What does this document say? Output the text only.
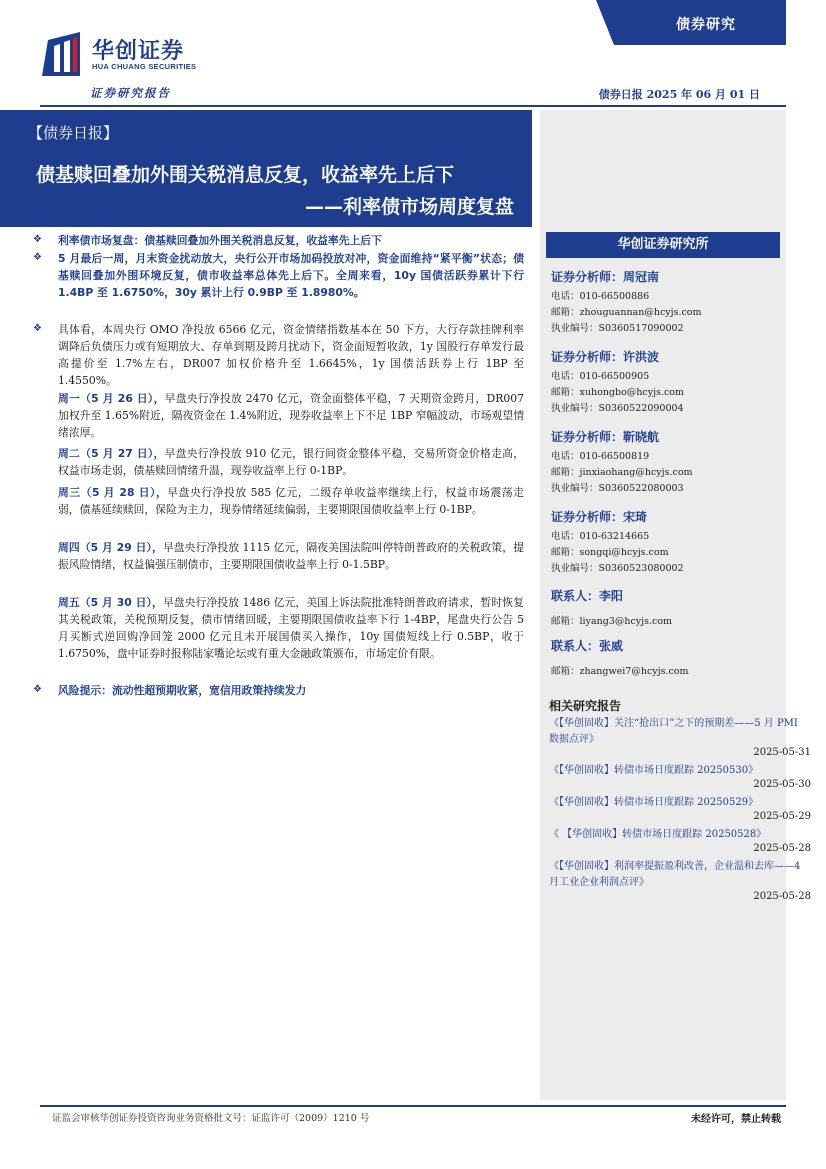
华创证券
HUA CHUANG SECURITIES
证券研究报告
债券研究
债券日报 2025 年 06 月 01 日
【债券日报】
债基赎回叠加外围关税消息反复，收益率先上后下
——利率债市场周度复盘
❖ 利率债市场复盘：债基赎回叠加外围关税消息反复，收益率先上后下
❖ 5 月最后一周，月末资金扰动放大，央行公开市场加码投放对冲，资金面维持“紧平衡”状态；债基赎回叠加外围环境反复，债市收益率总体先上后下。全周来看，10y 国债活跃券累计下行 1.4BP 至 1.6750%，30y 累计上行 0.9BP 至 1.8980%。
❖ 具体看，本周央行 OMO 净投放 6566 亿元，资金情绪指数基本在 50 下方，大行存款挂牌利率调降后负债压力或有短期放大、存单到期及跨月扰动下，资金面短暂收敛，1y 国股行存单发行最高提价至 1.7%左右，DR007 加权价格升至 1.6645%，1y 国债活跃券上行 1BP 至 1.4550%。
周一（5 月 26 日），早盘央行净投放 2470 亿元，资金面整体平稳，7 天期资金跨月，DR007 加权升至 1.65%附近，隔夜资金在 1.4%附近，现券收益率上下不足 1BP 窄幅波动，市场观望情绪浓厚。
周二（5 月 27 日），早盘央行净投放 910 亿元，银行间资金整体平稳，交易所资金价格走高，权益市场走弱，债基赎回情绪升温，现券收益率上行 0-1BP。
周三（5 月 28 日），早盘央行净投放 585 亿元，二级存单收益率继续上行，权益市场震荡走弱，债基延续赎回，保险为主力，现券情绪延续偏弱，主要期限国债收益率上行 0-1BP。
周四（5 月 29 日），早盘央行净投放 1115 亿元，隔夜美国法院叫停特朗普政府的关税政策，提振风险情绪，权益偏强压制债市，主要期限国债收益率上行 0-1.5BP。
周五（5 月 30 日），早盘央行净投放 1486 亿元，美国上诉法院批准特朗普政府请求，暂时恢复其关税政策，关税预期反复，债市情绪回暖，主要期限国债收益率下行 1-4BP，尾盘央行公告 5 月买断式逆回购净回笼 2000 亿元且未开展国债买入操作，10y 国债短线上行 0.5BP，收于 1.6750%，盘中证券时报称陆家嘴论坛或有重大金融政策颁布，市场定价有限。
❖ 风险提示：流动性超预期收紧，宽信用政策持续发力
华创证券研究所
证券分析师：周冠南
电话：010-66500886
邮箱：zhouguannan@hcyjs.com
执业编号：S0360517090002
证券分析师：许洪波
电话：010-66500905
邮箱：xuhongbo@hcyjs.com
执业编号：S0360522090004
证券分析师：靳晓航
电话：010-66500819
邮箱：jinxiaohang@hcyjs.com
执业编号：S0360522080003
证券分析师：宋琦
电话：010-63214665
邮箱：songqi@hcyjs.com
执业编号：S0360523080002
联系人：李阳
邮箱：liyang3@hcyjs.com
联系人：张威
邮箱：zhangwei7@hcyjs.com
相关研究报告
《【华创固收】关注“抢出口”之下的预期差——5 月 PMI 数据点评》
2025-05-31
《【华创固收】转债市场日度跟踪 20250530》
2025-05-30
《【华创固收】转债市场日度跟踪 20250529》
2025-05-29
《 【华创固收】转债市场日度跟踪 20250528》
2025-05-28
《【华创固收】利润率提振盈利改善，企业温和去库——4 月工业企业利润点评》
2025-05-28
证监会审核华创证券投资咨询业务资格批文号：证监许可（2009）1210 号	未经许可，禁止转载
